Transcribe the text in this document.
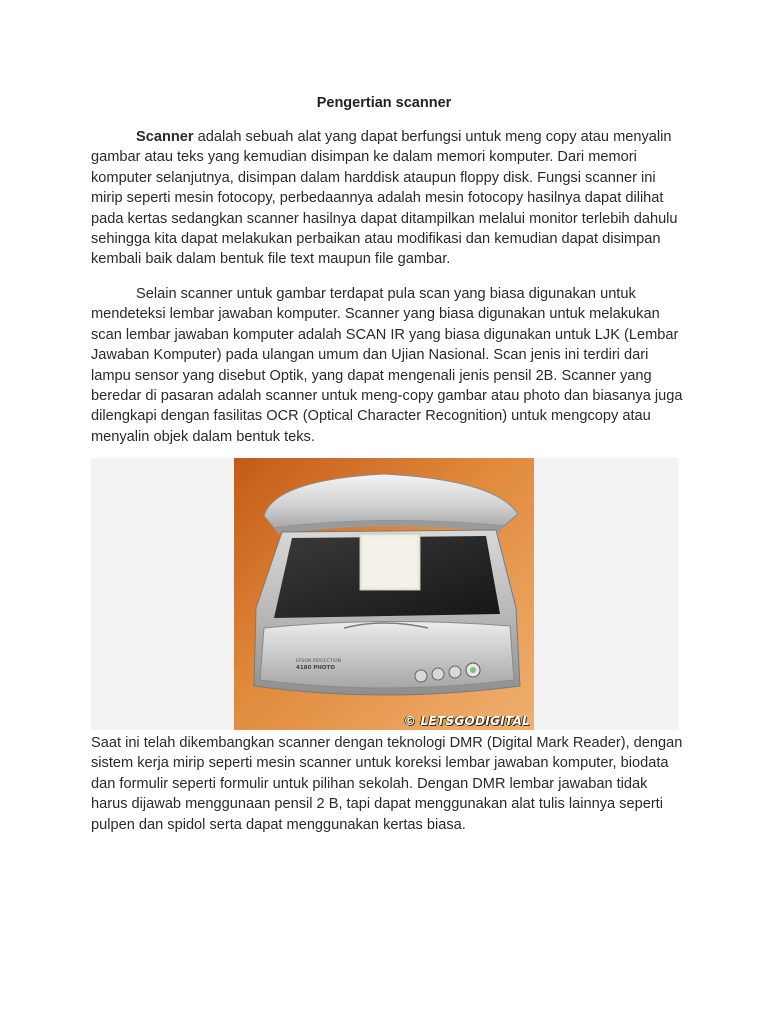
Pengertian scanner

Scanner adalah sebuah alat yang dapat berfungsi untuk meng copy atau menyalin gambar atau teks yang kemudian disimpan ke dalam memori komputer. Dari memori komputer selanjutnya, disimpan dalam harddisk ataupun floppy disk. Fungsi scanner ini mirip seperti mesin fotocopy, perbedaannya adalah mesin fotocopy hasilnya dapat dilihat pada kertas sedangkan scanner hasilnya dapat ditampilkan melalui monitor terlebih dahulu sehingga kita dapat melakukan perbaikan atau modifikasi dan kemudian dapat disimpan kembali baik dalam bentuk file text maupun file gambar.

Selain scanner untuk gambar terdapat pula scan yang biasa digunakan untuk mendeteksi lembar jawaban komputer. Scanner yang biasa digunakan untuk melakukan scan lembar jawaban komputer adalah SCAN IR yang biasa digunakan untuk LJK (Lembar Jawaban Komputer) pada ulangan umum dan Ujian Nasional. Scan jenis ini terdiri dari lampu sensor yang disebut Optik, yang dapat mengenali jenis pensil 2B. Scanner yang beredar di pasaran adalah scanner untuk meng-copy gambar atau photo dan biasanya juga dilengkapi dengan fasilitas OCR (Optical Character Recognition) untuk mengcopy atau menyalin objek dalam bentuk teks.

EPSON PERFECTION
4180 PHOTO
© LETSGODIGITAL

Saat ini telah dikembangkan scanner dengan teknologi DMR (Digital Mark Reader), dengan sistem kerja mirip seperti mesin scanner untuk koreksi lembar jawaban komputer, biodata dan formulir seperti formulir untuk pilihan sekolah. Dengan DMR lembar jawaban tidak harus dijawab menggunaan pensil 2 B, tapi dapat menggunakan alat tulis lainnya seperti pulpen dan spidol serta dapat menggunakan kertas biasa.
